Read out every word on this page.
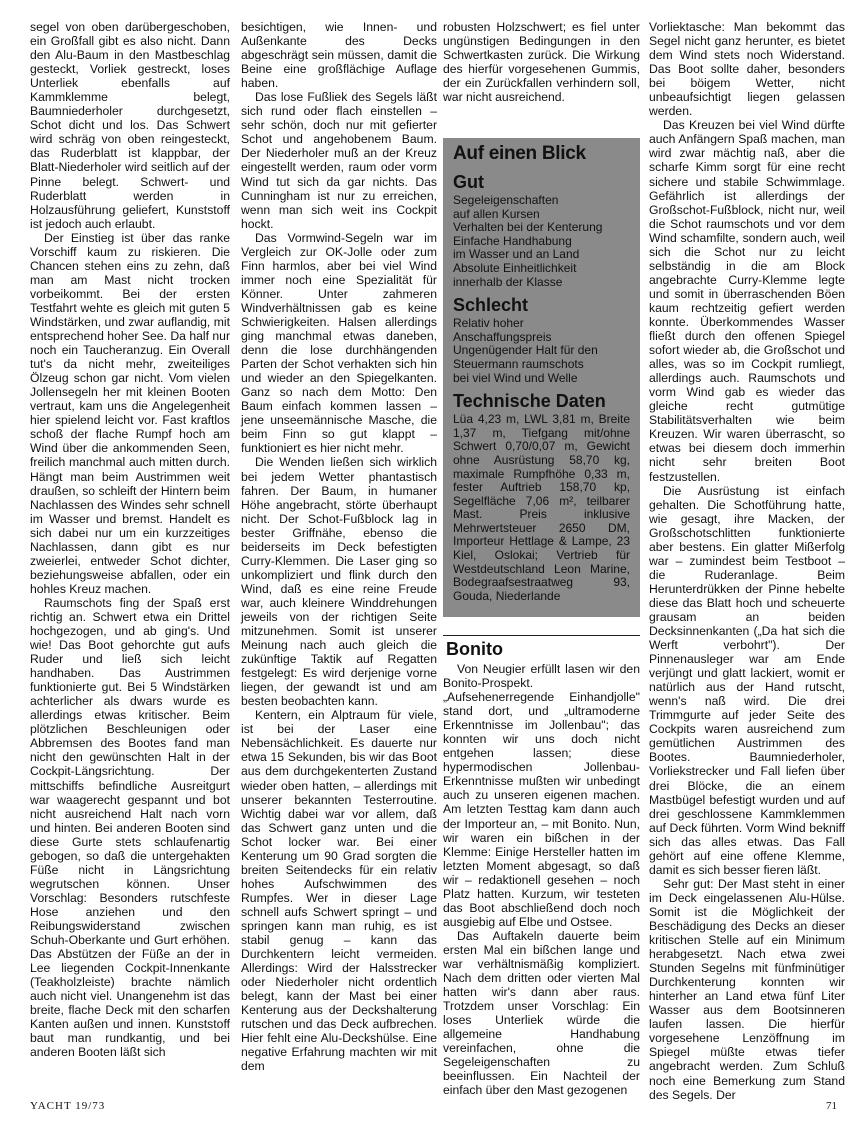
segel von oben darübergeschoben, ein Großfall gibt es also nicht. Dann den Alu-Baum in den Mastbeschlag gesteckt, Vorliek gestreckt, loses Unterliek ebenfalls auf Kammklemme belegt, Baumniederholer durchgesetzt, Schot dicht und los. Das Schwert wird schräg von oben reingesteckt, das Ruderblatt ist klappbar, der Blatt-Niederholer wird seitlich auf der Pinne belegt. Schwert- und Ruderblatt werden in Holzausführung geliefert, Kunststoff ist jedoch auch erlaubt.

Der Einstieg ist über das ranke Vorschiff kaum zu riskieren. Die Chancen stehen eins zu zehn, daß man am Mast nicht trocken vorbeikommt. Bei der ersten Testfahrt wehte es gleich mit guten 5 Windstärken, und zwar auflandig, mit entsprechend hoher See. Da half nur noch ein Taucheranzug. Ein Overall tut's da nicht mehr, zweiteiliges Ölzeug schon gar nicht. Vom vielen Jollensegeln her mit kleinen Booten vertraut, kam uns die Angelegenheit hier spielend leicht vor. Fast kraftlos schoß der flache Rumpf hoch am Wind über die ankommenden Seen, freilich manchmal auch mitten durch. Hängt man beim Austrimmen weit draußen, so schleift der Hintern beim Nachlassen des Windes sehr schnell im Wasser und bremst. Handelt es sich dabei nur um ein kurzzeitiges Nachlassen, dann gibt es nur zweierlei, entweder Schot dichter, beziehungsweise abfallen, oder ein hohles Kreuz machen.

Raumschots fing der Spaß erst richtig an. Schwert etwa ein Drittel hochgezogen, und ab ging's. Und wie! Das Boot gehorchte gut aufs Ruder und ließ sich leicht handhaben. Das Austrimmen funktionierte gut. Bei 5 Windstärken achterlicher als dwars wurde es allerdings etwas kritischer. Beim plötzlichen Beschleunigen oder Abbremsen des Bootes fand man nicht den gewünschten Halt in der Cockpit-Längsrichtung. Der mittschiffs befindliche Ausreitgurt war waagerecht gespannt und bot nicht ausreichend Halt nach vorn und hinten. Bei anderen Booten sind diese Gurte stets schlaufenartig gebogen, so daß die untergehakten Füße nicht in Längsrichtung wegrutschen können. Unser Vorschlag: Besonders rutschfeste Hose anziehen und den Reibungswiderstand zwischen Schuh-Oberkante und Gurt erhöhen. Das Abstützen der Füße an der in Lee liegenden Cockpit-Innenkante (Teakholzleiste) brachte nämlich auch nicht viel. Unangenehm ist das breite, flache Deck mit den scharfen Kanten außen und innen. Kunststoff baut man rundkantig, und bei anderen Booten läßt sich

besichtigen, wie Innen- und Außenkante des Decks abgeschrägt sein müssen, damit die Beine eine großflächige Auflage haben.

Das lose Fußliek des Segels läßt sich rund oder flach einstellen – sehr schön, doch nur mit gefierter Schot und angehobenem Baum. Der Niederholer muß an der Kreuz eingestellt werden, raum oder vorm Wind tut sich da gar nichts. Das Cunningham ist nur zu erreichen, wenn man sich weit ins Cockpit hockt.

Das Vormwind-Segeln war im Vergleich zur OK-Jolle oder zum Finn harmlos, aber bei viel Wind immer noch eine Spezialität für Könner. Unter zahmeren Windverhältnissen gab es keine Schwierigkeiten. Halsen allerdings ging manchmal etwas daneben, denn die lose durchhängenden Parten der Schot verhakten sich hin und wieder an den Spiegelkanten. Ganz so nach dem Motto: Den Baum einfach kommen lassen – jene unseemännische Masche, die beim Finn so gut klappt – funktioniert es hier nicht mehr.

Die Wenden ließen sich wirklich bei jedem Wetter phantastisch fahren. Der Baum, in humaner Höhe angebracht, störte überhaupt nicht. Der Schot-Fußblock lag in bester Griffnähe, ebenso die beiderseits im Deck befestigten Curry-Klemmen. Die Laser ging so unkompliziert und flink durch den Wind, daß es eine reine Freude war, auch kleinere Winddrehungen jeweils von der richtigen Seite mitzunehmen. Somit ist unserer Meinung nach auch gleich die zukünftige Taktik auf Regatten festgelegt: Es wird derjenige vorne liegen, der gewandt ist und am besten beobachten kann.

Kentern, ein Alptraum für viele, ist bei der Laser eine Nebensächlichkeit. Es dauerte nur etwa 15 Sekunden, bis wir das Boot aus dem durchgekenterten Zustand wieder oben hatten, – allerdings mit unserer bekannten Testerroutine. Wichtig dabei war vor allem, daß das Schwert ganz unten und die Schot locker war. Bei einer Kenterung um 90 Grad sorgten die breiten Seitendecks für ein relativ hohes Aufschwimmen des Rumpfes. Wer in dieser Lage schnell aufs Schwert springt – und springen kann man ruhig, es ist stabil genug – kann das Durchkentern leicht vermeiden. Allerdings: Wird der Halsstrecker oder Niederholer nicht ordentlich belegt, kann der Mast bei einer Kenterung aus der Deckshalterung rutschen und das Deck aufbrechen. Hier fehlt eine Alu-Deckshülse. Eine negative Erfahrung machten wir mit dem

robusten Holzschwert; es fiel unter ungünstigen Bedingungen in den Schwertkasten zurück. Die Wirkung des hierfür vorgesehenen Gummis, der ein Zurückfallen verhindern soll, war nicht ausreichend.

Auf einen Blick
Gut
Segeleigenschaften
auf allen Kursen
Verhalten bei der Kenterung
Einfache Handhabung
im Wasser und an Land
Absolute Einheitlichkeit
innerhalb der Klasse
Schlecht
Relativ hoher
Anschaffungspreis
Ungenügender Halt für den
Steuermann raumschots
bei viel Wind und Welle
Technische Daten
Lüa 4,23 m, LWL 3,81 m, Breite 1,37 m, Tiefgang mit/ohne Schwert 0,70/0,07 m, Gewicht ohne Ausrüstung 58,70 kg, maximale Rumpfhöhe 0,33 m, fester Auftrieb 158,70 kp, Segelfläche 7,06 m², teilbarer Mast. Preis inklusive Mehrwertsteuer 2650 DM, Importeur Hettlage & Lampe, 23 Kiel, Oslokai; Vertrieb für Westdeutschland Leon Marine, Bodegraafsestraatweg 93, Gouda, Niederlande
Bonito

Von Neugier erfüllt lasen wir den Bonito-Prospekt. „Aufsehenerregende Einhandjolle" stand dort, und „ultramoderne Erkenntnisse im Jollenbau"; das konnten wir uns doch nicht entgehen lassen; diese hypermodischen Jollenbau-Erkenntnisse mußten wir unbedingt auch zu unseren eigenen machen. Am letzten Testtag kam dann auch der Importeur an, – mit Bonito. Nun, wir waren ein bißchen in der Klemme: Einige Hersteller hatten im letzten Moment abgesagt, so daß wir – redaktionell gesehen – noch Platz hatten. Kurzum, wir testeten das Boot abschließend doch noch ausgiebig auf Elbe und Ostsee.

Das Auftakeln dauerte beim ersten Mal ein bißchen lange und war verhältnismäßig kompliziert. Nach dem dritten oder vierten Mal hatten wir's dann aber raus. Trotzdem unser Vorschlag: Ein loses Unterliek würde die allgemeine Handhabung vereinfachen, ohne die Segeleigenschaften zu beeinflussen. Ein Nachteil der einfach über den Mast gezogenen

Vorliektasche: Man bekommt das Segel nicht ganz herunter, es bietet dem Wind stets noch Widerstand. Das Boot sollte daher, besonders bei böigem Wetter, nicht unbeaufsichtigt liegen gelassen werden.

Das Kreuzen bei viel Wind dürfte auch Anfängern Spaß machen, man wird zwar mächtig naß, aber die scharfe Kimm sorgt für eine recht sichere und stabile Schwimmlage. Gefährlich ist allerdings der Großschot-Fußblock, nicht nur, weil die Schot raumschots und vor dem Wind schamfilte, sondern auch, weil sich die Schot nur zu leicht selbständig in die am Block angebrachte Curry-Klemme legte und somit in überraschenden Böen kaum rechtzeitig gefiert werden konnte. Überkommendes Wasser fließt durch den offenen Spiegel sofort wieder ab, die Großschot und alles, was so im Cockpit rumliegt, allerdings auch. Raumschots und vorm Wind gab es wieder das gleiche recht gutmütige Stabilitätsverhalten wie beim Kreuzen. Wir waren überrascht, so etwas bei diesem doch immerhin nicht sehr breiten Boot festzustellen.

Die Ausrüstung ist einfach gehalten. Die Schotführung hatte, wie gesagt, ihre Macken, der Großschotschlitten funktionierte aber bestens. Ein glatter Mißerfolg war – zumindest beim Testboot – die Ruderanlage. Beim Herunterdrükken der Pinne hebelte diese das Blatt hoch und scheuerte grausam an beiden Decksinnenkanten („Da hat sich die Werft verbohrt"). Der Pinnenausleger war am Ende verjüngt und glatt lackiert, womit er natürlich aus der Hand rutscht, wenn's naß wird. Die drei Trimmgurte auf jeder Seite des Cockpits waren ausreichend zum gemütlichen Austrimmen des Bootes. Baumniederholer, Vorliekstrecker und Fall liefen über drei Blöcke, die an einem Mastbügel befestigt wurden und auf drei geschlossene Kammklemmen auf Deck führten. Vorm Wind bekniff sich das alles etwas. Das Fall gehört auf eine offene Klemme, damit es sich besser fieren läßt.

Sehr gut: Der Mast steht in einer im Deck eingelassenen Alu-Hülse. Somit ist die Möglichkeit der Beschädigung des Decks an dieser kritischen Stelle auf ein Minimum herabgesetzt. Nach etwa zwei Stunden Segelns mit fünfminütiger Durchkenterung konnten wir hinterher an Land etwa fünf Liter Wasser aus dem Bootsinneren laufen lassen. Die hierfür vorgesehene Lenzöffnung im Spiegel müßte etwas tiefer angebracht werden. Zum Schluß noch eine Bemerkung zum Stand des Segels. Der

YACHT 19/73	71
